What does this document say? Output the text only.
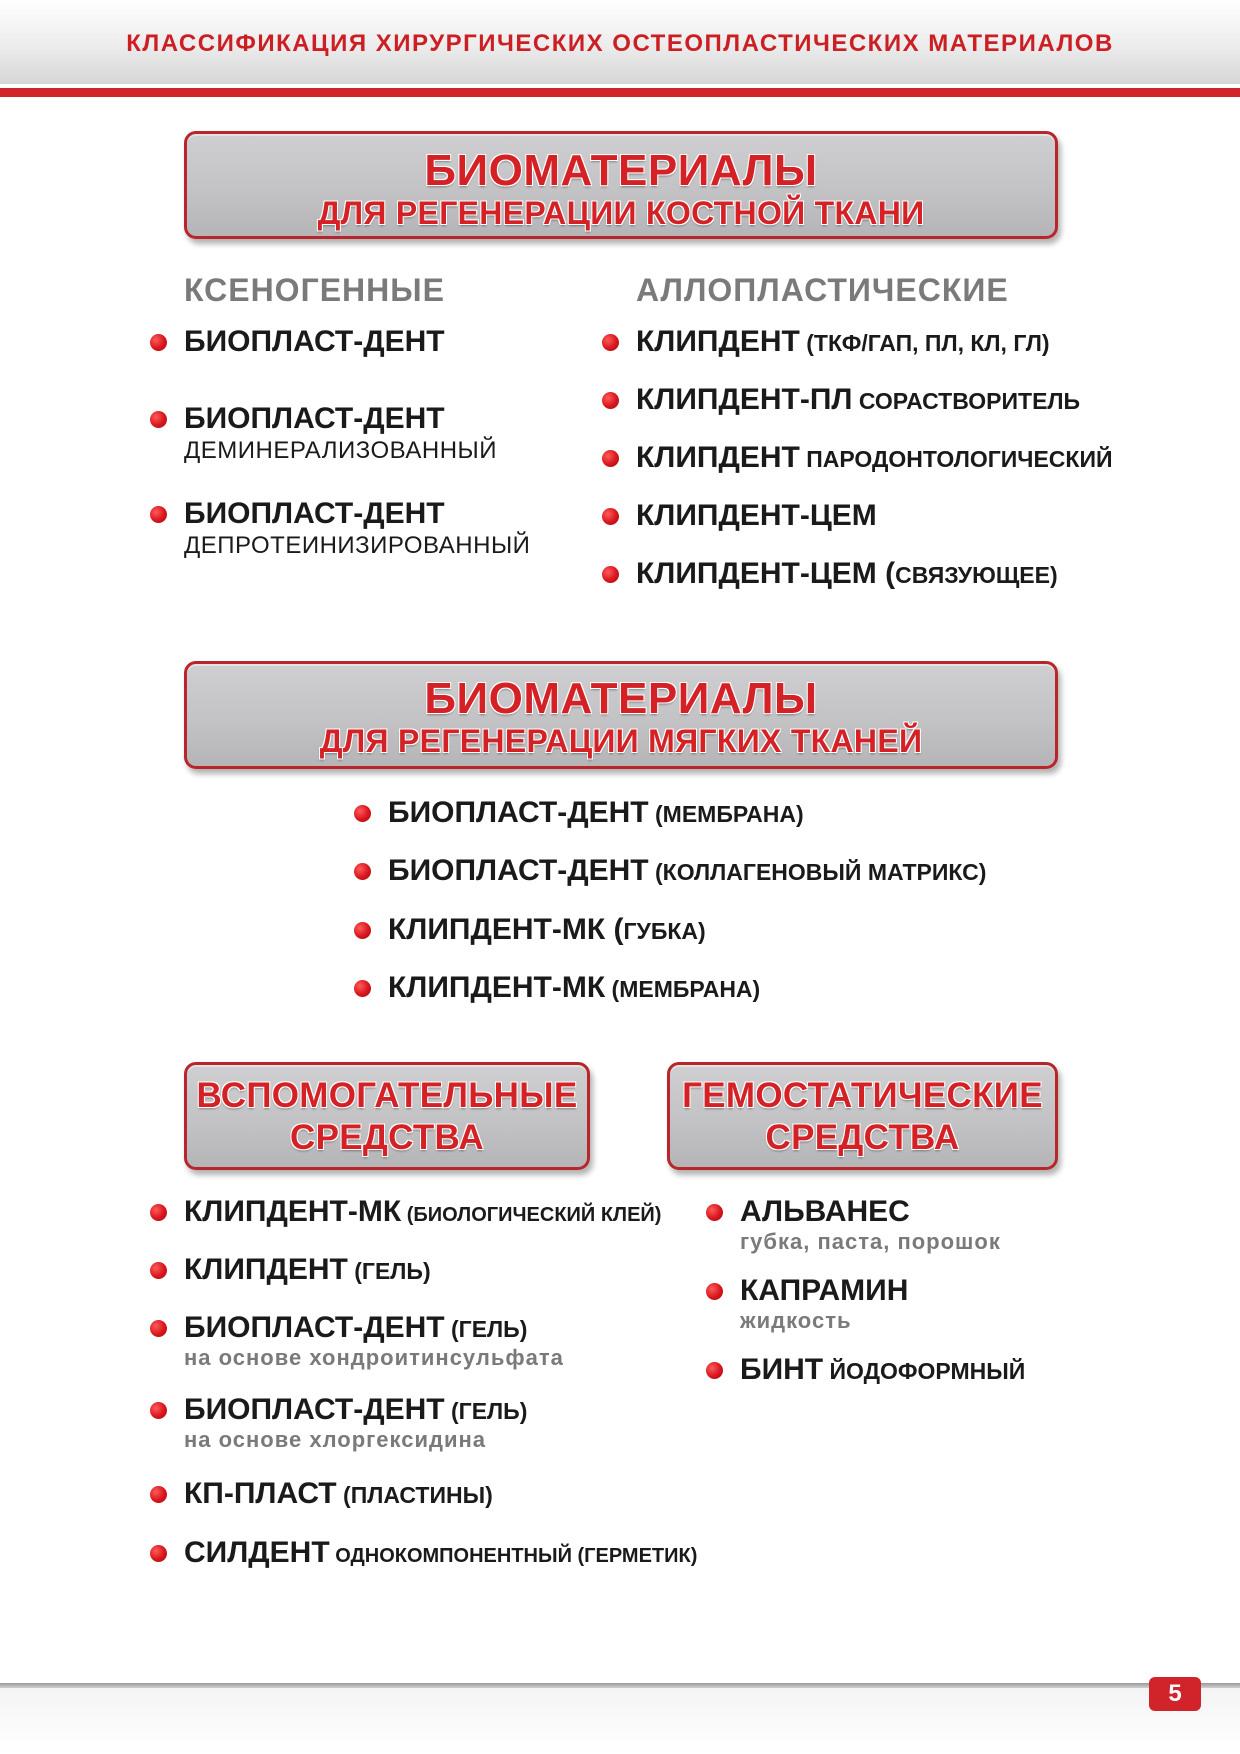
КЛАССИФИКАЦИЯ ХИРУРГИЧЕСКИХ ОСТЕОПЛАСТИЧЕСКИХ МАТЕРИАЛОВ
БИОМАТЕРИАЛЫ
ДЛЯ РЕГЕНЕРАЦИИ КОСТНОЙ ТКАНИ
КСЕНОГЕННЫЕ	АЛЛОПЛАСТИЧЕСКИЕ
БИОПЛАСТ-ДЕНТ
БИОПЛАСТ-ДЕНТ
ДЕМИНЕРАЛИЗОВАННЫЙ
БИОПЛАСТ-ДЕНТ
ДЕПРОТЕИНИЗИРОВАННЫЙ
КЛИПДЕНТ (ТКФ/ГАП, ПЛ, КЛ, ГЛ)
КЛИПДЕНТ-ПЛ СОРАСТВОРИТЕЛЬ
КЛИПДЕНТ ПАРОДОНТОЛОГИЧЕСКИЙ
КЛИПДЕНТ-ЦЕМ
КЛИПДЕНТ-ЦЕМ (СВЯЗУЮЩЕЕ)
БИОМАТЕРИАЛЫ
ДЛЯ РЕГЕНЕРАЦИИ МЯГКИХ ТКАНЕЙ
БИОПЛАСТ-ДЕНТ (МЕМБРАНА)
БИОПЛАСТ-ДЕНТ (КОЛЛАГЕНОВЫЙ МАТРИКС)
КЛИПДЕНТ-МК (ГУБКА)
КЛИПДЕНТ-МК (МЕМБРАНА)
ВСПОМОГАТЕЛЬНЫЕ
СРЕДСТВА
ГЕМОСТАТИЧЕСКИЕ
СРЕДСТВА
КЛИПДЕНТ-МК (БИОЛОГИЧЕСКИЙ КЛЕЙ)
КЛИПДЕНТ (ГЕЛЬ)
БИОПЛАСТ-ДЕНТ (ГЕЛЬ)
на основе хондроитинсульфата
БИОПЛАСТ-ДЕНТ (ГЕЛЬ)
на основе хлоргексидина
КП-ПЛАСТ (ПЛАСТИНЫ)
СИЛДЕНТ ОДНОКОМПОНЕНТНЫЙ (ГЕРМЕТИК)
АЛЬВАНЕС
губка, паста, порошок
КАПРАМИН
жидкость
БИНТ ЙОДОФОРМНЫЙ
5
